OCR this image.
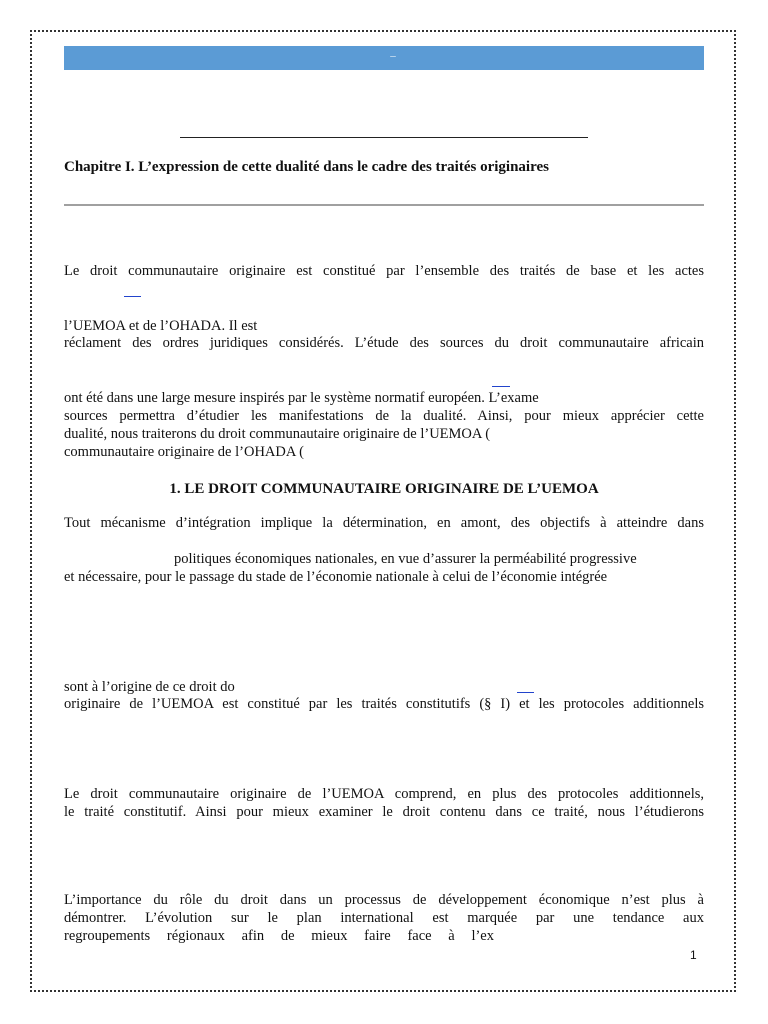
–
Chapitre I. L’expression de cette dualité dans le cadre des traités originaires
Le droit communautaire originaire est constitué par l’ensemble des traités de base et les actes
l’UEMOA et de l’OHADA. Il est
réclament des ordres juridiques considérés. L’étude des sources du droit communautaire africain
ont été dans une large mesure inspirés par le système normatif européen. L’exame
sources permettra d’étudier les manifestations de la dualité. Ainsi, pour mieux apprécier cette
dualité, nous traiterons du droit communautaire originaire de l’UEMOA (
communautaire originaire de l’OHADA (
1. LE DROIT COMMUNAUTAIRE ORIGINAIRE DE L’UEMOA
Tout mécanisme d’intégration implique la détermination, en amont, des objectifs à atteindre dans
politiques économiques nationales, en vue d’assurer la perméabilité progressive
et nécessaire, pour le passage du stade de l’économie nationale à celui de l’économie intégrée
sont à l’origine de ce droit do
originaire de l’UEMOA est constitué par les traités constitutifs (§ I) et les protocoles additionnels
Le droit communautaire originaire de l’UEMOA comprend, en plus des protocoles additionnels,
le traité constitutif. Ainsi pour mieux examiner le droit contenu dans ce traité, nous l’étudierons
L’importance du rôle du droit dans un processus de développement économique n’est plus à
démontrer. L’évolution sur le plan international est marquée par une tendance aux
regroupements régionaux afin de mieux faire face à l’ex
1
